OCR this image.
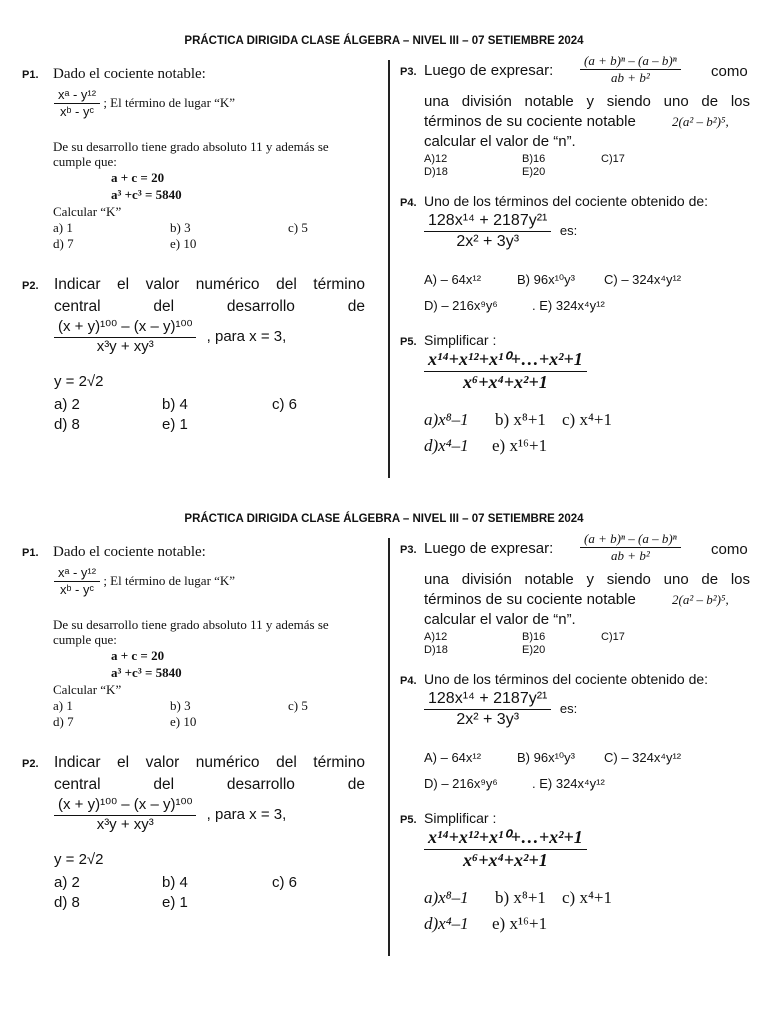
PRÁCTICA DIRIGIDA CLASE ÁLGEBRA – NIVEL III – 07 SETIEMBRE 2024
P1. Dado el cociente notable:
$\frac{\text{xᵃ - y¹²}}{\text{xᵇ - yᶜ}}$ ; El término de lugar “K”
De su desarrollo tiene grado absoluto 11 y además se
cumple que:
a + c = 20
a³ +c³ = 5840
Calcular “K”
a) 1	b) 3	c) 5
d) 7	e) 10
P2. Indicar el valor numérico del término
central del desarrollo de
$\frac{\text{(x + y)¹⁰⁰ – (x – y)¹⁰⁰}}{\text{x³y + xy³}}$ , para x = 3,
y = 2√2
a) 2	b) 4	c) 6
d) 8	e) 1
P3. Luego de expresar: $\frac{\text{(a + b)ⁿ – (a – b)ⁿ}}{\text{ab + b²}}$ como
una división notable y siendo uno de los
términos de su cociente notable	2(a² – b²)⁵,
calcular el valor de “n”.
A)12	B)16	C)17
D)18	E)20
P4. Uno de los términos del cociente obtenido de:
$\frac{\text{128x¹⁴ + 2187y²¹}}{\text{2x² + 3y³}}$ es:
A) – 64x¹²	B) 96x¹⁰y³ C) – 324x⁴y¹²
D) – 216x⁹y⁶	. E) 324x⁴y¹²
P5. Simplificar :
$\frac{\text{x¹⁴+x¹²+x¹⁰+…+x²+1}}{\text{x⁶+x⁴+x²+1}}$
a)x⁸–1 b) x⁸+1 c) x⁴+1
d)x⁴–1 e) x¹⁶+1
PRÁCTICA DIRIGIDA CLASE ÁLGEBRA – NIVEL III – 07 SETIEMBRE 2024
P1. Dado el cociente notable:
$\frac{\text{xᵃ - y¹²}}{\text{xᵇ - yᶜ}}$ ; El término de lugar “K”
De su desarrollo tiene grado absoluto 11 y además se
cumple que:
a + c = 20
a³ +c³ = 5840
Calcular “K”
a) 1	b) 3	c) 5
d) 7	e) 10
P2. Indicar el valor numérico del término
central del desarrollo de
$\frac{\text{(x + y)¹⁰⁰ – (x – y)¹⁰⁰}}{\text{x³y + xy³}}$ , para x = 3,
y = 2√2
a) 2	b) 4	c) 6
d) 8	e) 1
P3. Luego de expresar: $\frac{\text{(a + b)ⁿ – (a – b)ⁿ}}{\text{ab + b²}}$ como
una división notable y siendo uno de los
términos de su cociente notable	2(a² – b²)⁵,
calcular el valor de “n”.
A)12	B)16	C)17
D)18	E)20
P4. Uno de los términos del cociente obtenido de:
$\frac{\text{128x¹⁴ + 2187y²¹}}{\text{2x² + 3y³}}$ es:
A) – 64x¹²	B) 96x¹⁰y³ C) – 324x⁴y¹²
D) – 216x⁹y⁶	. E) 324x⁴y¹²
P5. Simplificar :
$\frac{\text{x¹⁴+x¹²+x¹⁰+…+x²+1}}{\text{x⁶+x⁴+x²+1}}$
a)x⁸–1 b) x⁸+1 c) x⁴+1
d)x⁴–1 e) x¹⁶+1
